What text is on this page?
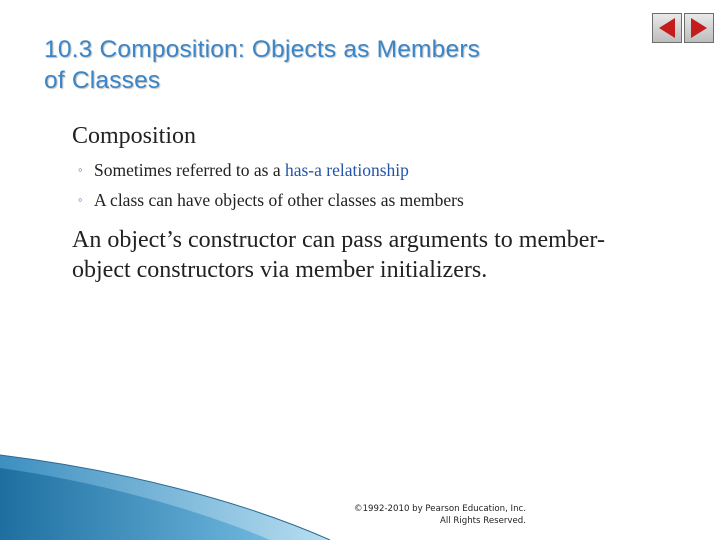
10.3 Composition: Objects as Members
of Classes
Composition
◦ Sometimes referred to as a has-a relationship
◦ A class can have objects of other classes as members
An object’s constructor can pass arguments to member-
object constructors via member initializers.
©1992-2010 by Pearson Education, Inc.
All Rights Reserved.
